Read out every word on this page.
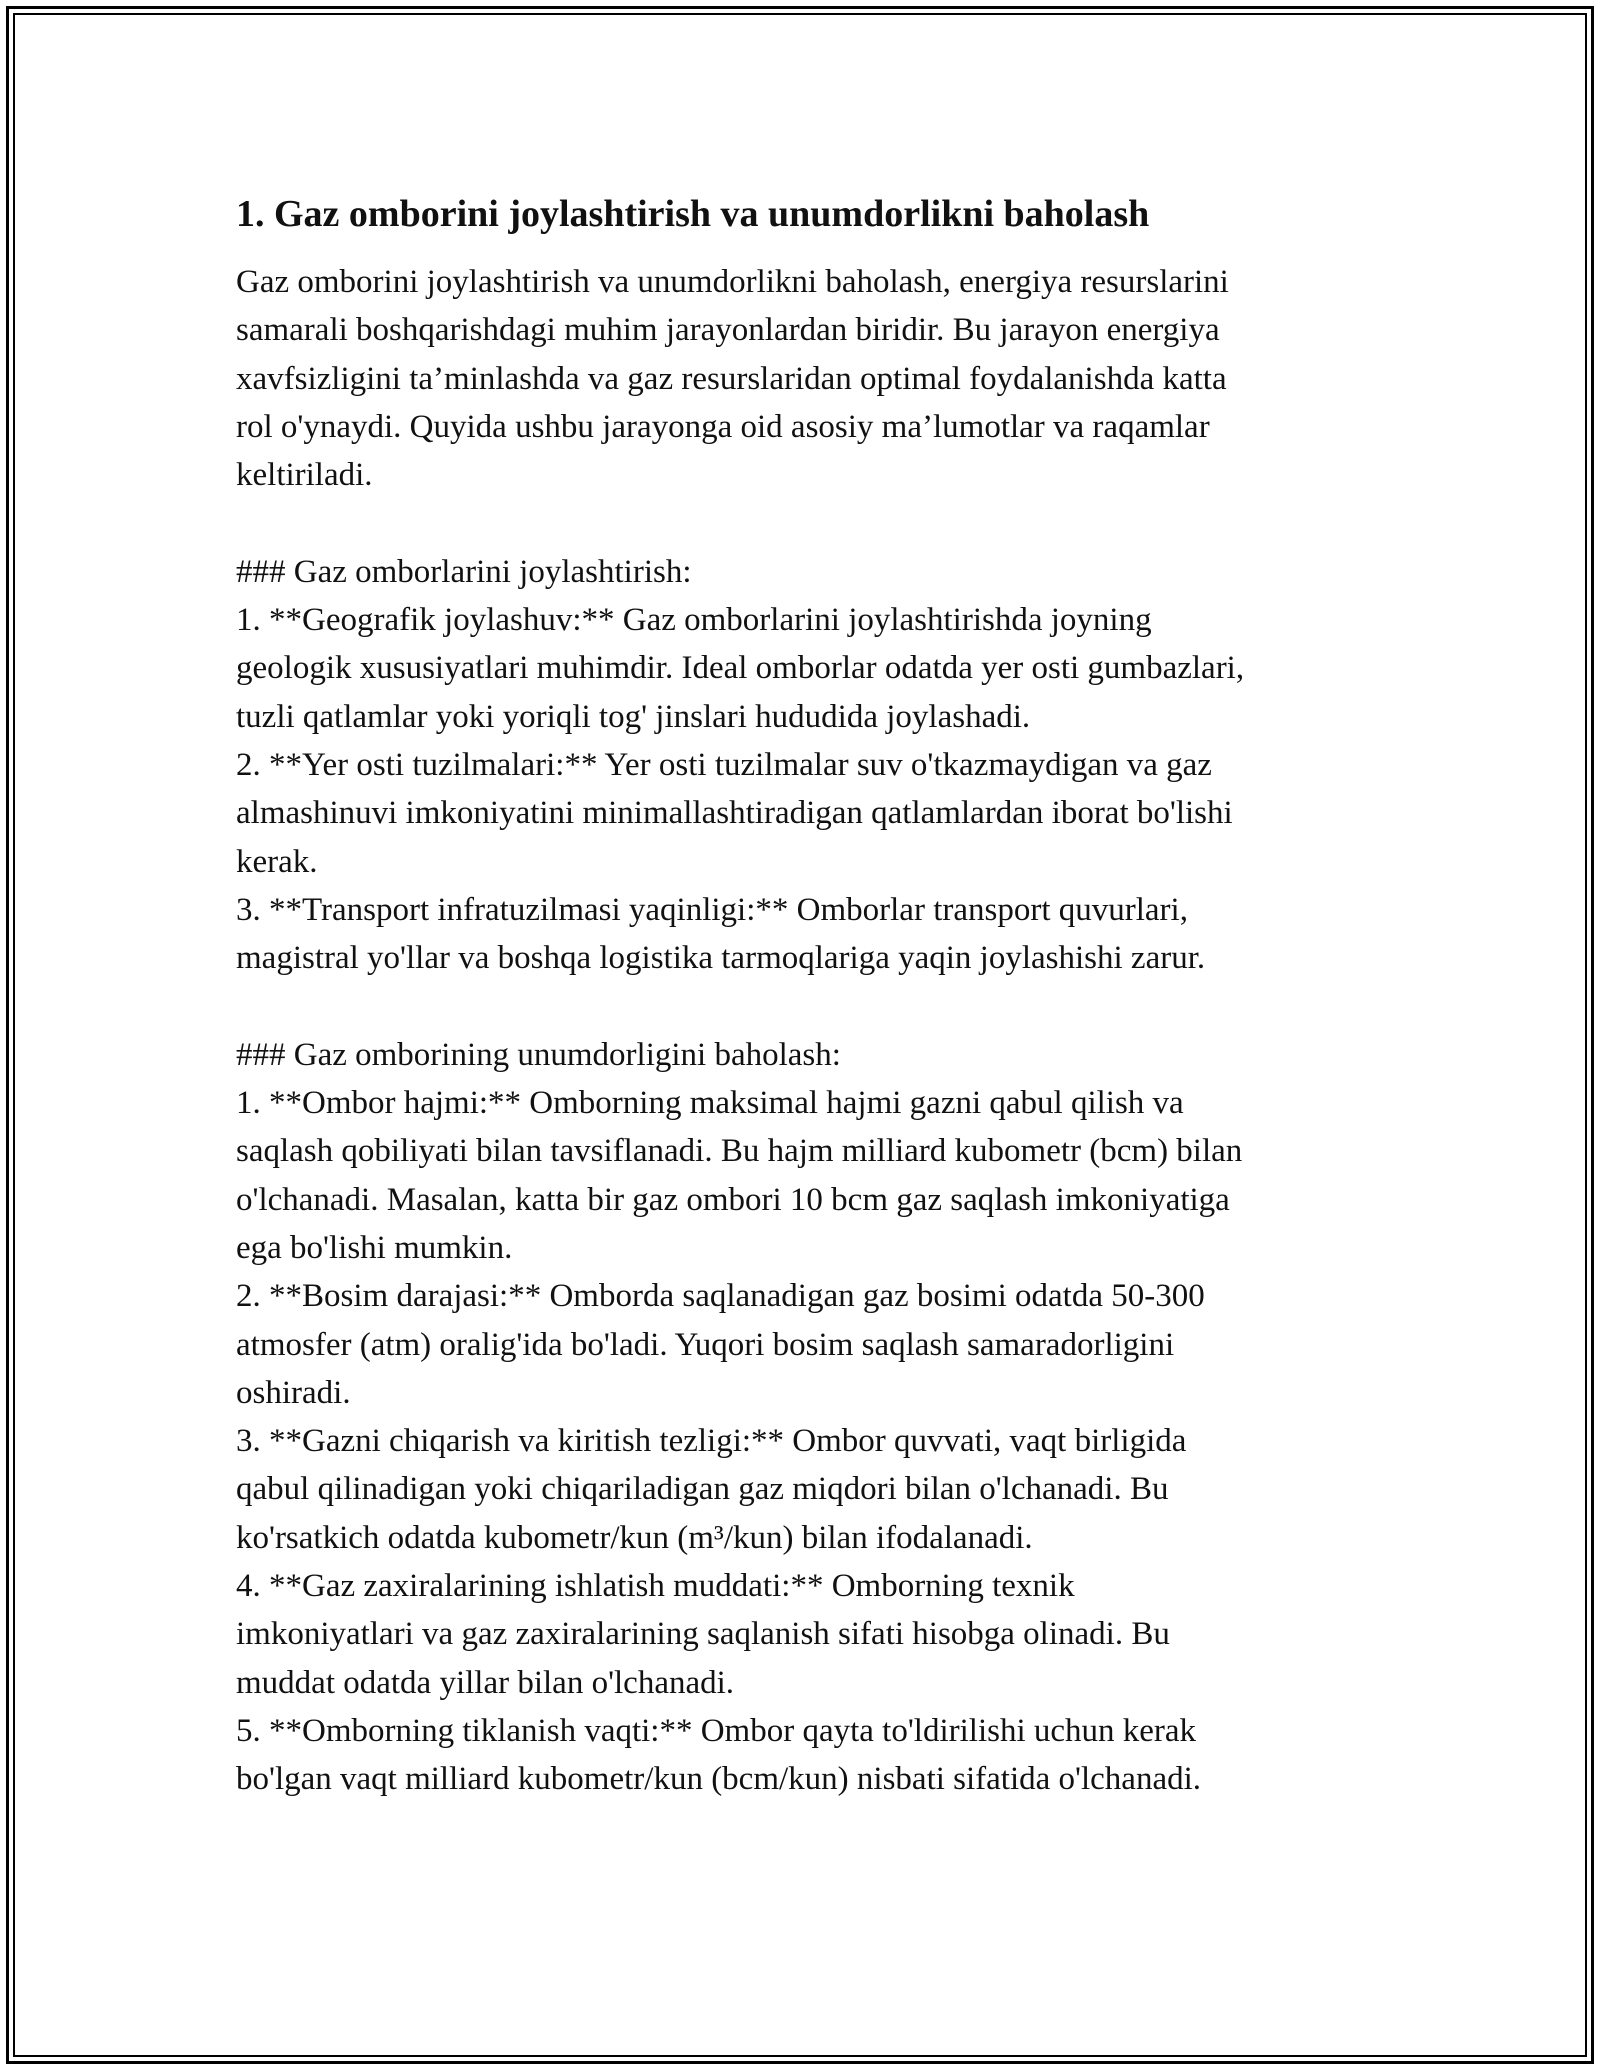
1. Gaz omborini joylashtirish va unumdorlikni baholash
Gaz omborini joylashtirish va unumdorlikni baholash, energiya resurslarini
samarali boshqarishdagi muhim jarayonlardan biridir. Bu jarayon energiya
xavfsizligini ta’minlashda va gaz resurslaridan optimal foydalanishda katta
rol o'ynaydi. Quyida ushbu jarayonga oid asosiy ma’lumotlar va raqamlar
keltiriladi.
### Gaz omborlarini joylashtirish:
1. **Geografik joylashuv:** Gaz omborlarini joylashtirishda joyning
geologik xususiyatlari muhimdir. Ideal omborlar odatda yer osti gumbazlari,
tuzli qatlamlar yoki yoriqli tog' jinslari hududida joylashadi.
2. **Yer osti tuzilmalari:** Yer osti tuzilmalar suv o'tkazmaydigan va gaz
almashinuvi imkoniyatini minimallashtiradigan qatlamlardan iborat bo'lishi
kerak.
3. **Transport infratuzilmasi yaqinligi:** Omborlar transport quvurlari,
magistral yo'llar va boshqa logistika tarmoqlariga yaqin joylashishi zarur.
### Gaz omborining unumdorligini baholash:
1. **Ombor hajmi:** Omborning maksimal hajmi gazni qabul qilish va
saqlash qobiliyati bilan tavsiflanadi. Bu hajm milliard kubometr (bcm) bilan
o'lchanadi. Masalan, katta bir gaz ombori 10 bcm gaz saqlash imkoniyatiga
ega bo'lishi mumkin.
2. **Bosim darajasi:** Omborda saqlanadigan gaz bosimi odatda 50-300
atmosfer (atm) oralig'ida bo'ladi. Yuqori bosim saqlash samaradorligini
oshiradi.
3. **Gazni chiqarish va kiritish tezligi:** Ombor quvvati, vaqt birligida
qabul qilinadigan yoki chiqariladigan gaz miqdori bilan o'lchanadi. Bu
ko'rsatkich odatda kubometr/kun (m³/kun) bilan ifodalanadi.
4. **Gaz zaxiralarining ishlatish muddati:** Omborning texnik
imkoniyatlari va gaz zaxiralarining saqlanish sifati hisobga olinadi. Bu
muddat odatda yillar bilan o'lchanadi.
5. **Omborning tiklanish vaqti:** Ombor qayta to'ldirilishi uchun kerak
bo'lgan vaqt milliard kubometr/kun (bcm/kun) nisbati sifatida o'lchanadi.
